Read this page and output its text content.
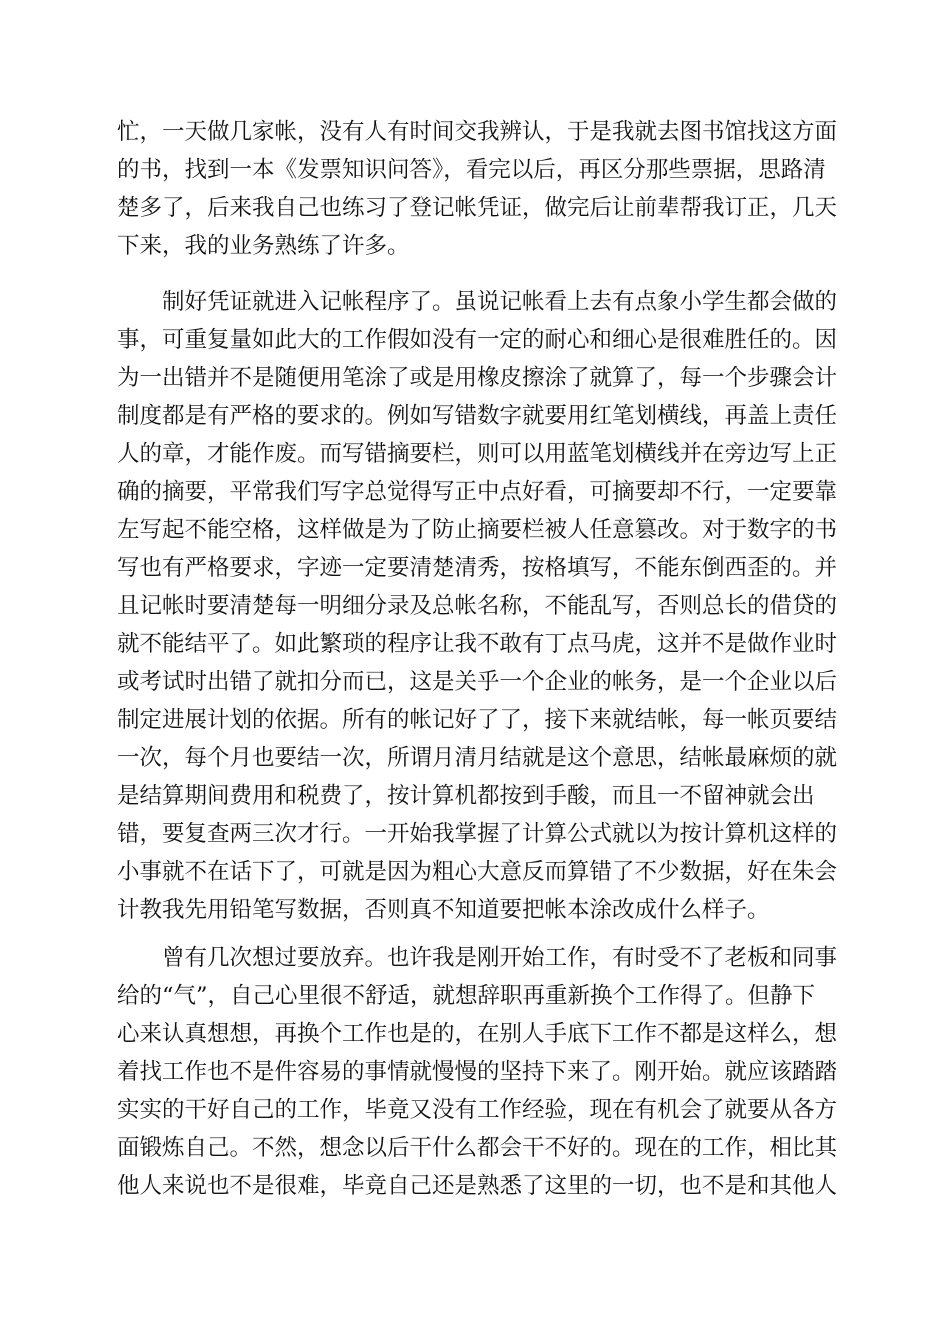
忙，一天做几家帐，没有人有时间交我辨认，于是我就去图书馆找这方面
的书，找到一本《发票知识问答》，看完以后，再区分那些票据，思路清
楚多了，后来我自己也练习了登记帐凭证，做完后让前辈帮我订正，几天
下来，我的业务熟练了许多。
制好凭证就进入记帐程序了。虽说记帐看上去有点象小学生都会做的
事，可重复量如此大的工作假如没有一定的耐心和细心是很难胜任的。因
为一出错并不是随便用笔涂了或是用橡皮擦涂了就算了，每一个步骤会计
制度都是有严格的要求的。例如写错数字就要用红笔划横线，再盖上责任
人的章，才能作废。而写错摘要栏，则可以用蓝笔划横线并在旁边写上正
确的摘要，平常我们写字总觉得写正中点好看，可摘要却不行，一定要靠
左写起不能空格，这样做是为了防止摘要栏被人任意篡改。对于数字的书
写也有严格要求，字迹一定要清楚清秀，按格填写，不能东倒西歪的。并
且记帐时要清楚每一明细分录及总帐名称，不能乱写，否则总长的借贷的
就不能结平了。如此繁琐的程序让我不敢有丁点马虎，这并不是做作业时
或考试时出错了就扣分而已，这是关乎一个企业的帐务，是一个企业以后
制定进展计划的依据。所有的帐记好了了，接下来就结帐，每一帐页要结
一次，每个月也要结一次，所谓月清月结就是这个意思，结帐最麻烦的就
是结算期间费用和税费了，按计算机都按到手酸，而且一不留神就会出
错，要复查两三次才行。一开始我掌握了计算公式就以为按计算机这样的
小事就不在话下了，可就是因为粗心大意反而算错了不少数据，好在朱会
计教我先用铅笔写数据，否则真不知道要把帐本涂改成什么样子。
曾有几次想过要放弃。也许我是刚开始工作，有时受不了老板和同事
给的“气”，自己心里很不舒适，就想辞职再重新换个工作得了。但静下
心来认真想想，再换个工作也是的，在别人手底下工作不都是这样么，想
着找工作也不是件容易的事情就慢慢的坚持下来了。刚开始。就应该踏踏
实实的干好自己的工作，毕竟又没有工作经验，现在有机会了就要从各方
面锻炼自己。不然，想念以后干什么都会干不好的。现在的工作，相比其
他人来说也不是很难，毕竟自己还是熟悉了这里的一切，也不是和其他人
